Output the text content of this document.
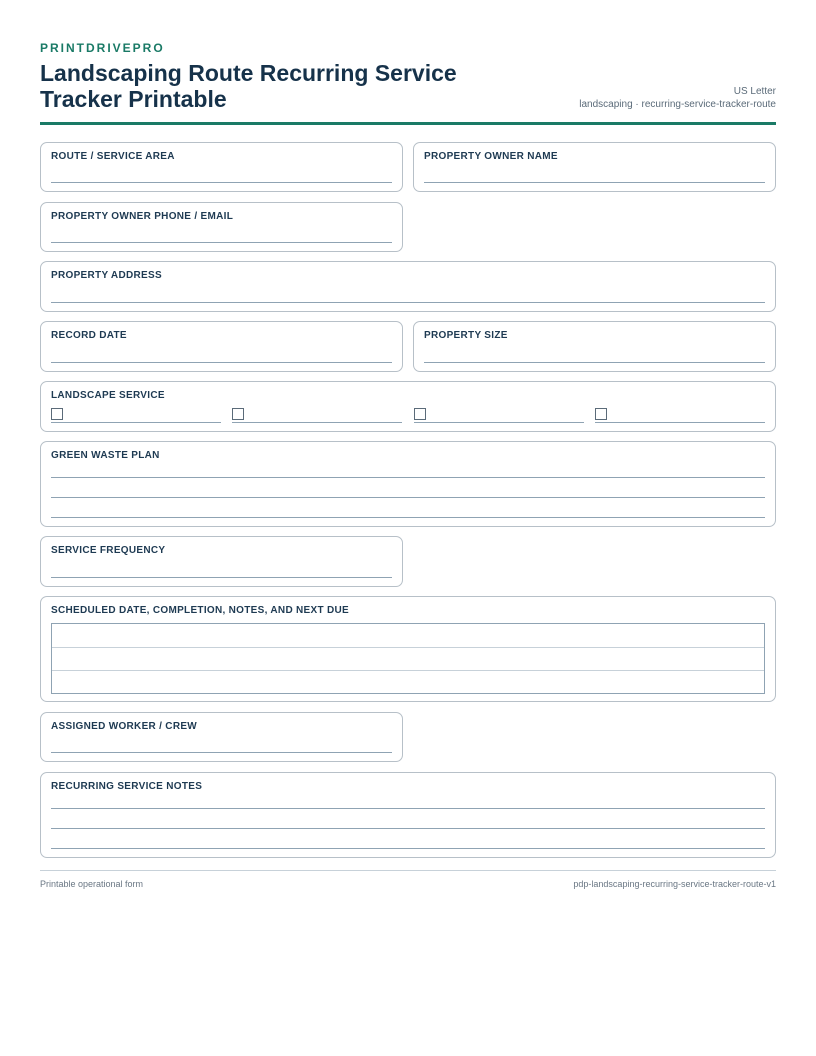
PRINTDRIVEPRO
Landscaping Route Recurring Service Tracker Printable	US Letter
landscaping · recurring-service-tracker-route
ROUTE / SERVICE AREA	PROPERTY OWNER NAME
PROPERTY OWNER PHONE / EMAIL
PROPERTY ADDRESS
RECORD DATE	PROPERTY SIZE
LANDSCAPE SERVICE
GREEN WASTE PLAN
SERVICE FREQUENCY
SCHEDULED DATE, COMPLETION, NOTES, AND NEXT DUE
ASSIGNED WORKER / CREW
RECURRING SERVICE NOTES
Printable operational form	pdp-landscaping-recurring-service-tracker-route-v1
